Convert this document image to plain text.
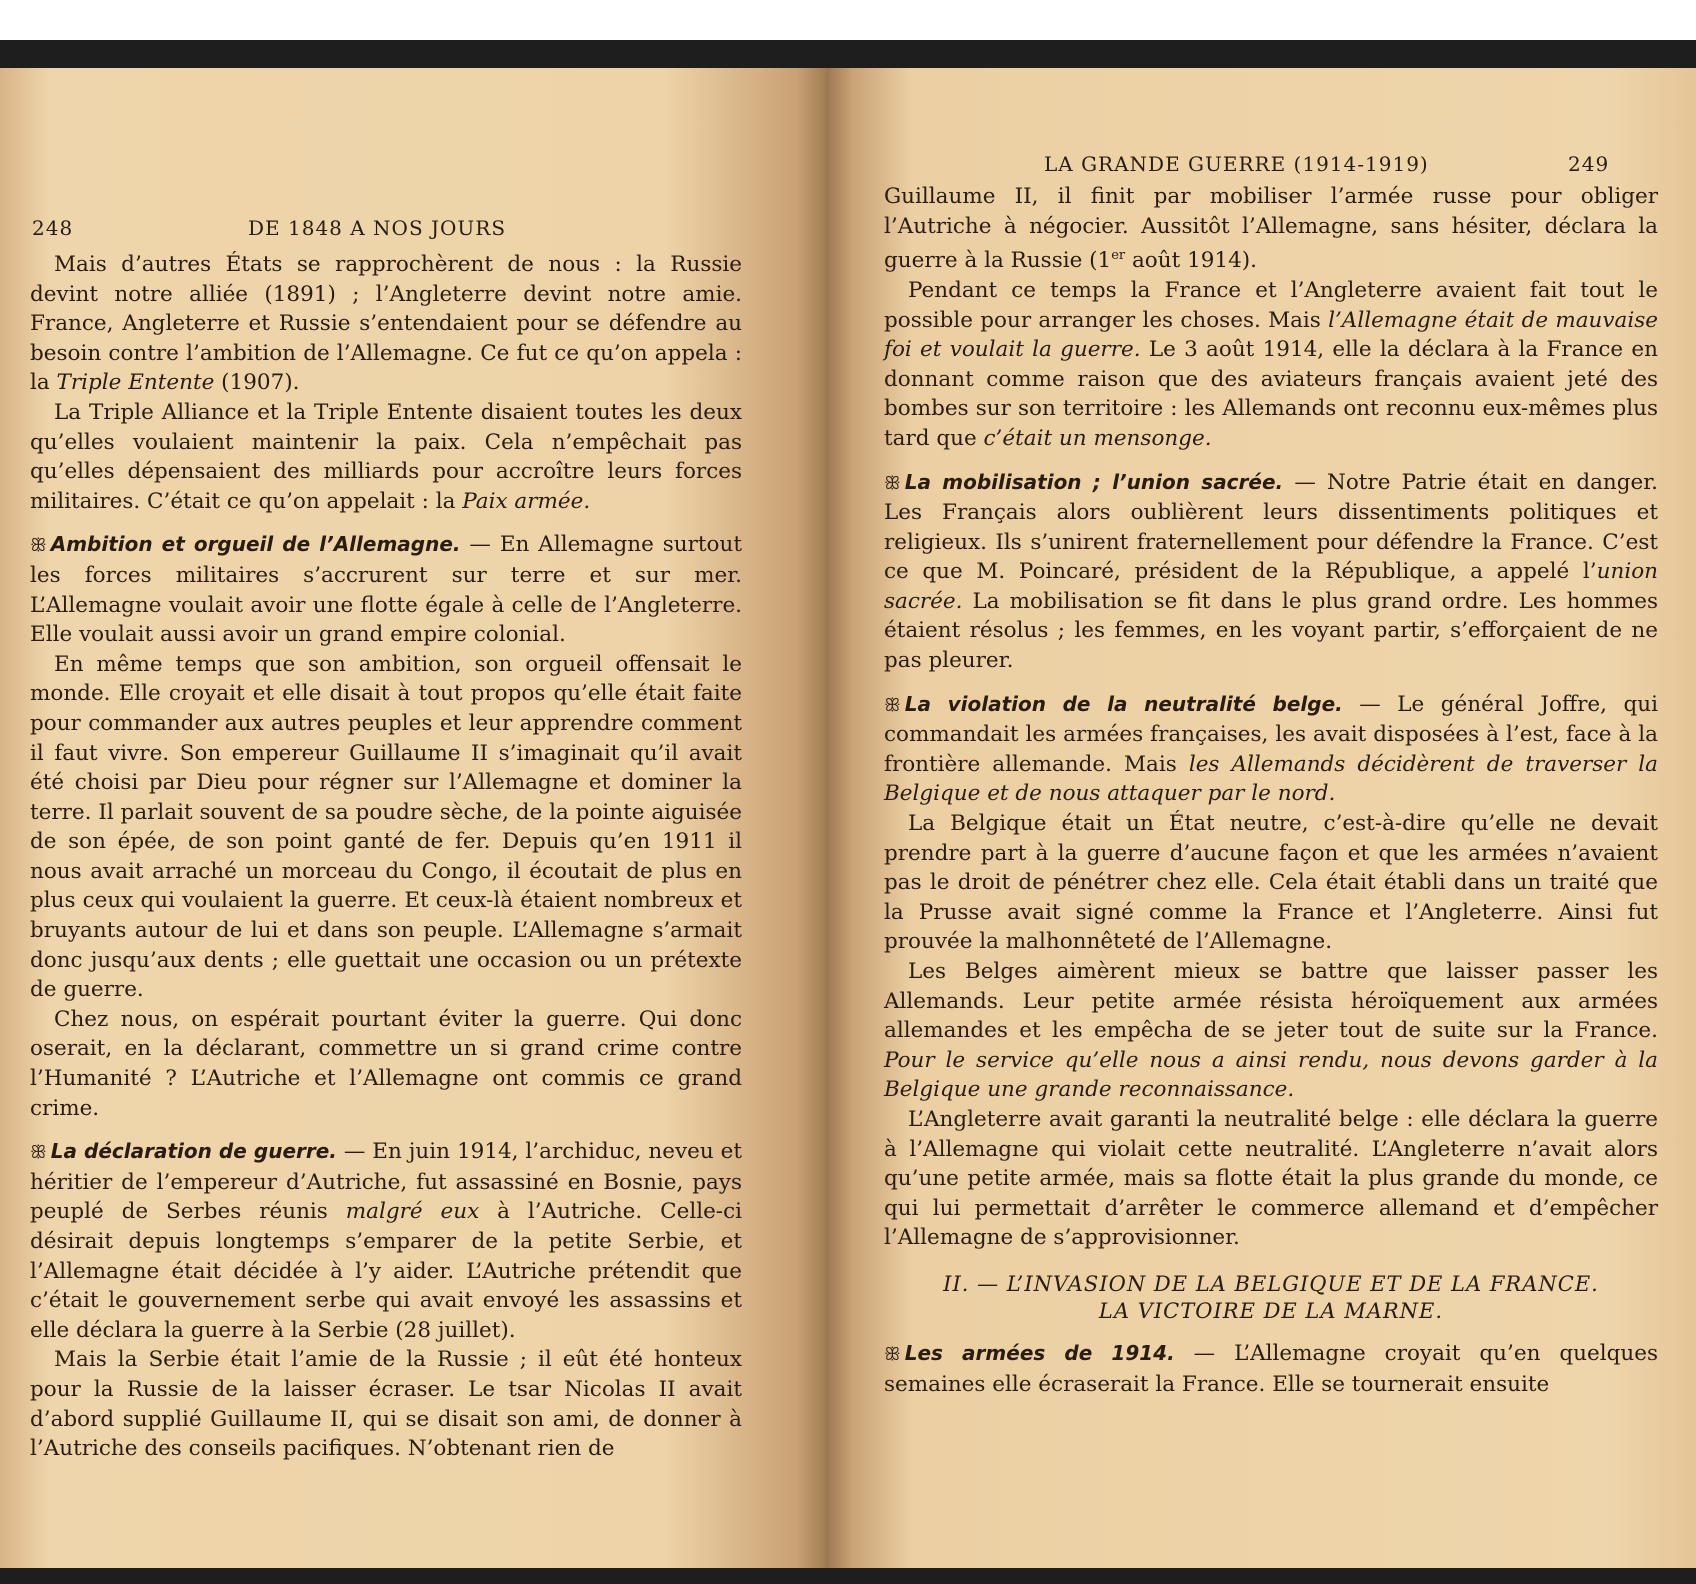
248	DE 1848 A NOS JOURS

Mais d’autres États se rapprochèrent de nous : la Russie devint notre alliée (1891) ; l’Angleterre devint notre amie. France, Angleterre et Russie s’entendaient pour se défendre au besoin contre l’ambition de l’Allemagne. Ce fut ce qu’on appela : la Triple Entente (1907).

La Triple Alliance et la Triple Entente disaient toutes les deux qu’elles voulaient maintenir la paix. Cela n’empêchait pas qu’elles dépensaient des milliards pour accroître leurs forces militaires. C’était ce qu’on appelait : la Paix armée.

ꕥ Ambition et orgueil de l’Allemagne. — En Allemagne surtout les forces militaires s’accrurent sur terre et sur mer. L’Allemagne voulait avoir une flotte égale à celle de l’Angleterre. Elle voulait aussi avoir un grand empire colonial.

En même temps que son ambition, son orgueil offensait le monde. Elle croyait et elle disait à tout propos qu’elle était faite pour commander aux autres peuples et leur apprendre comment il faut vivre. Son empereur Guillaume II s’imaginait qu’il avait été choisi par Dieu pour régner sur l’Allemagne et dominer la terre. Il parlait souvent de sa poudre sèche, de la pointe aiguisée de son épée, de son point ganté de fer. Depuis qu’en 1911 il nous avait arraché un morceau du Congo, il écoutait de plus en plus ceux qui voulaient la guerre. Et ceux-là étaient nombreux et bruyants autour de lui et dans son peuple. L’Allemagne s’armait donc jusqu’aux dents ; elle guettait une occasion ou un prétexte de guerre.

Chez nous, on espérait pourtant éviter la guerre. Qui donc oserait, en la déclarant, commettre un si grand crime contre l’Humanité ? L’Autriche et l’Allemagne ont commis ce grand crime.

ꕥ La déclaration de guerre. — En juin 1914, l’archiduc, neveu et héritier de l’empereur d’Autriche, fut assassiné en Bosnie, pays peuplé de Serbes réunis malgré eux à l’Autriche. Celle-ci désirait depuis longtemps s’emparer de la petite Serbie, et l’Allemagne était décidée à l’y aider. L’Autriche prétendit que c’était le gouvernement serbe qui avait envoyé les assassins et elle déclara la guerre à la Serbie (28 juillet).

Mais la Serbie était l’amie de la Russie ; il eût été honteux pour la Russie de la laisser écraser. Le tsar Nicolas II avait d’abord supplié Guillaume II, qui se disait son ami, de donner à l’Autriche des conseils pacifiques. N’obtenant rien de

LA GRANDE GUERRE (1914-1919)	249

Guillaume II, il finit par mobiliser l’armée russe pour obliger l’Autriche à négocier. Aussitôt l’Allemagne, sans hésiter, déclara la guerre à la Russie (1er août 1914).

Pendant ce temps la France et l’Angleterre avaient fait tout le possible pour arranger les choses. Mais l’Allemagne était de mauvaise foi et voulait la guerre. Le 3 août 1914, elle la déclara à la France en donnant comme raison que des aviateurs français avaient jeté des bombes sur son territoire : les Allemands ont reconnu eux-mêmes plus tard que c’était un mensonge.

ꕥ La mobilisation ; l’union sacrée. — Notre Patrie était en danger. Les Français alors oublièrent leurs dissentiments politiques et religieux. Ils s’unirent fraternellement pour défendre la France. C’est ce que M. Poincaré, président de la République, a appelé l’union sacrée. La mobilisation se fit dans le plus grand ordre. Les hommes étaient résolus ; les femmes, en les voyant partir, s’efforçaient de ne pas pleurer.

ꕥ La violation de la neutralité belge. — Le général Joffre, qui commandait les armées françaises, les avait disposées à l’est, face à la frontière allemande. Mais les Allemands décidèrent de traverser la Belgique et de nous attaquer par le nord.

La Belgique était un État neutre, c’est-à-dire qu’elle ne devait prendre part à la guerre d’aucune façon et que les armées n’avaient pas le droit de pénétrer chez elle. Cela était établi dans un traité que la Prusse avait signé comme la France et l’Angleterre. Ainsi fut prouvée la malhonnêteté de l’Allemagne.

Les Belges aimèrent mieux se battre que laisser passer les Allemands. Leur petite armée résista héroïquement aux armées allemandes et les empêcha de se jeter tout de suite sur la France. Pour le service qu’elle nous a ainsi rendu, nous devons garder à la Belgique une grande reconnaissance.

L’Angleterre avait garanti la neutralité belge : elle déclara la guerre à l’Allemagne qui violait cette neutralité. L’Angleterre n’avait alors qu’une petite armée, mais sa flotte était la plus grande du monde, ce qui lui permettait d’arrêter le commerce allemand et d’empêcher l’Allemagne de s’approvisionner.

II. — L’INVASION DE LA BELGIQUE ET DE LA FRANCE.
LA VICTOIRE DE LA MARNE.

ꕥ Les armées de 1914. — L’Allemagne croyait qu’en quelques semaines elle écraserait la France. Elle se tournerait ensuite
